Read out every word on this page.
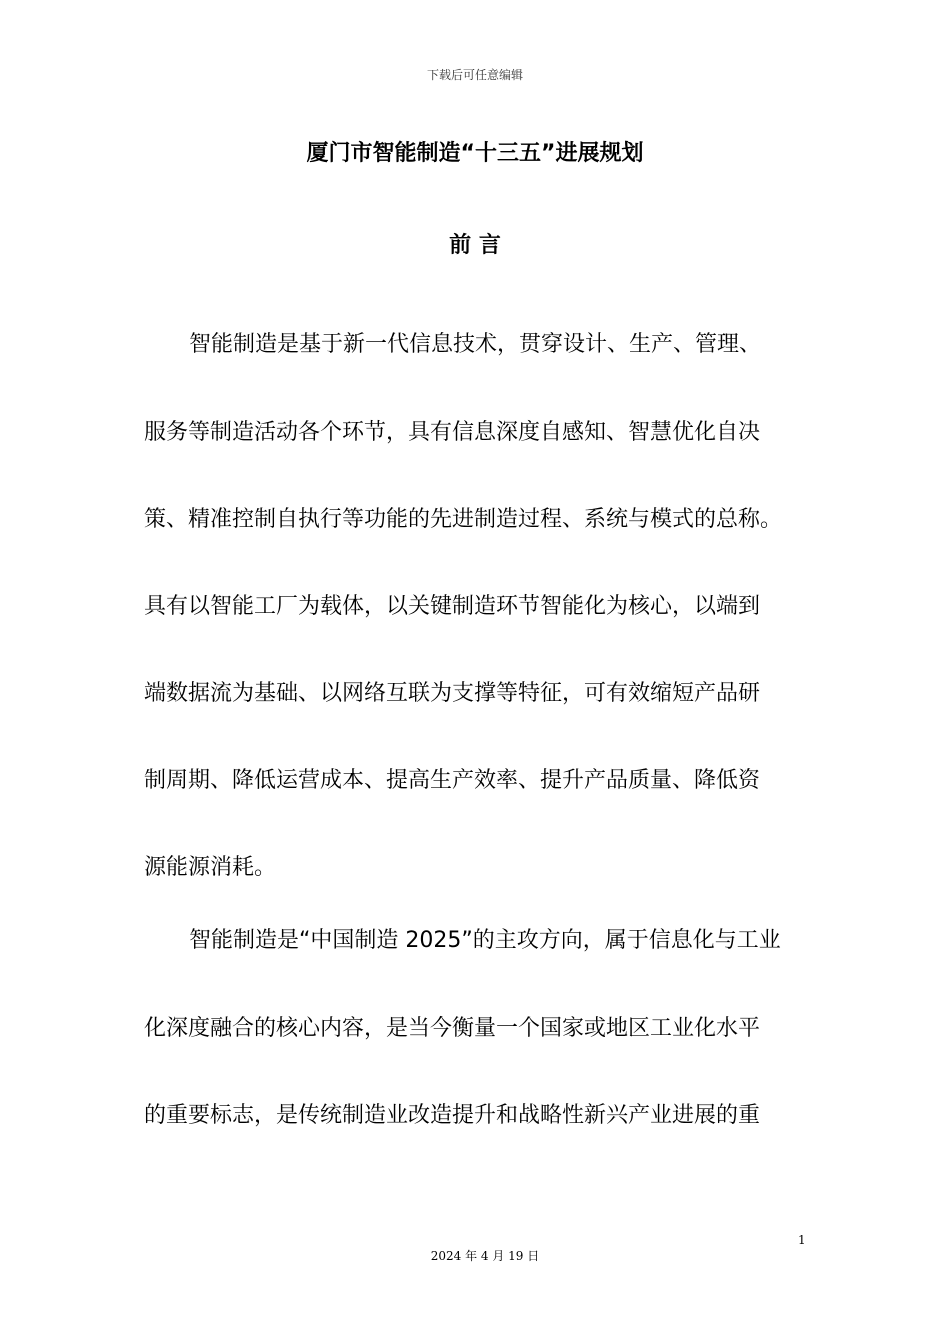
下载后可任意编辑
厦门市智能制造“十三五”进展规划
前 言
智能制造是基于新一代信息技术，贯穿设计、生产、管理、
服务等制造活动各个环节，具有信息深度自感知、智慧优化自决
策、精准控制自执行等功能的先进制造过程、系统与模式的总称。
具有以智能工厂为载体，以关键制造环节智能化为核心，以端到
端数据流为基础、以网络互联为支撑等特征，可有效缩短产品研
制周期、降低运营成本、提高生产效率、提升产品质量、降低资
源能源消耗。
智能制造是“中国制造 2025”的主攻方向，属于信息化与工业
化深度融合的核心内容，是当今衡量一个国家或地区工业化水平
的重要标志，是传统制造业改造提升和战略性新兴产业进展的重
1
2024 年 4 月 19 日
